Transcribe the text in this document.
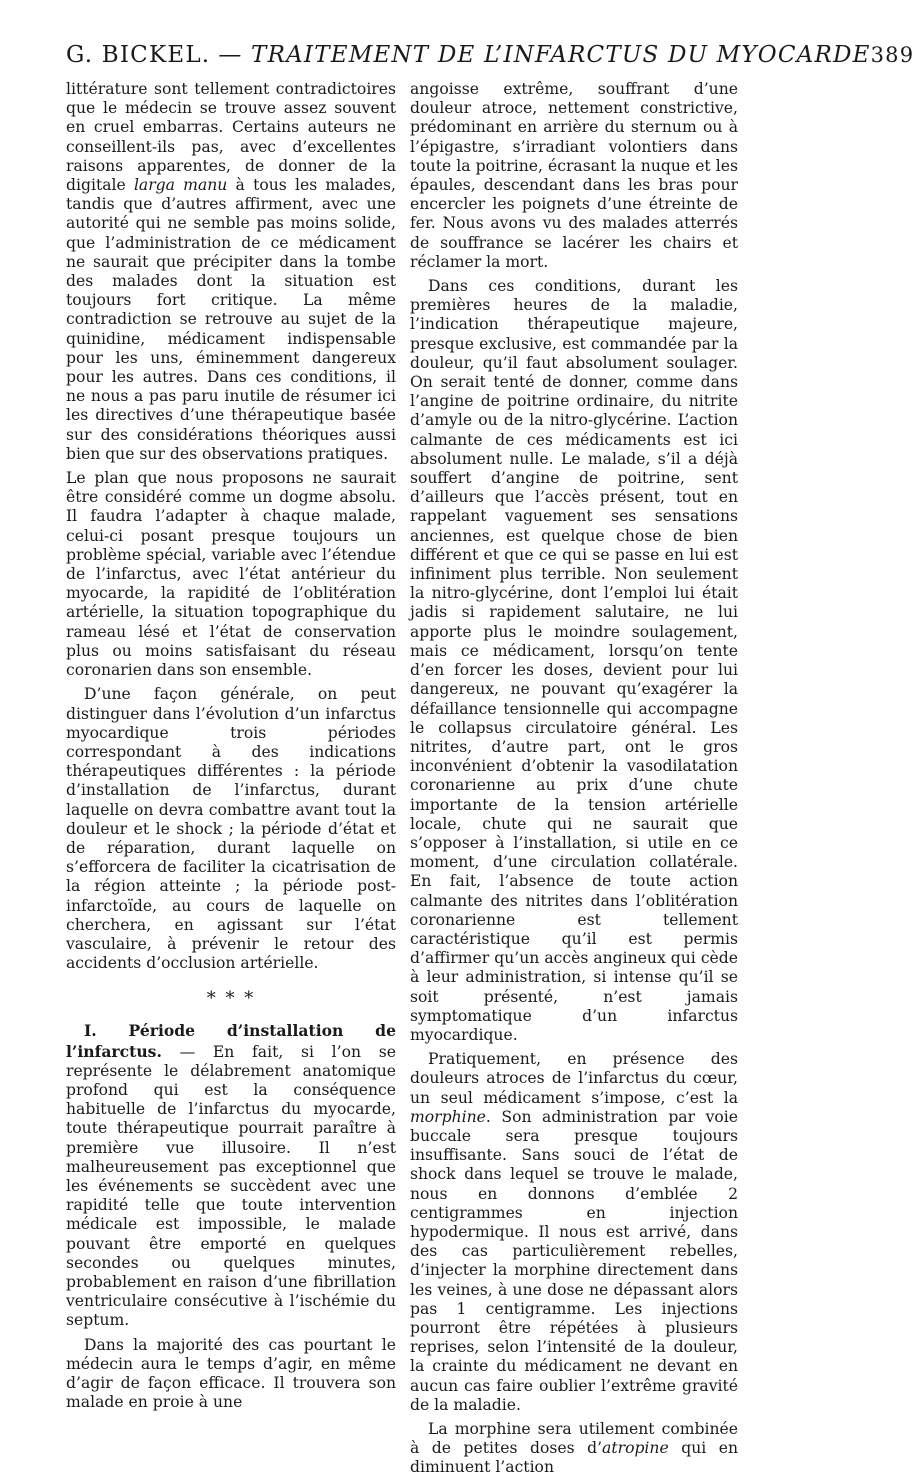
G. BICKEL. — TRAITEMENT DE L’INFARCTUS DU MYOCARDE 389

littérature sont tellement contradictoires que le médecin se trouve assez souvent en cruel embarras. Certains auteurs ne conseillent-ils pas, avec d’excellentes raisons apparentes, de donner de la digitale larga manu à tous les malades, tandis que d’autres affirment, avec une autorité qui ne semble pas moins solide, que l’administration de ce médicament ne saurait que précipiter dans la tombe des malades dont la situation est toujours fort critique. La même contradiction se retrouve au sujet de la quinidine, médicament indispensable pour les uns, éminemment dangereux pour les autres. Dans ces conditions, il ne nous a pas paru inutile de résumer ici les directives d’une thérapeutique basée sur des considérations théoriques aussi bien que sur des observations pratiques.

Le plan que nous proposons ne saurait être considéré comme un dogme absolu. Il faudra l’adapter à chaque malade, celui-ci posant presque toujours un problème spécial, variable avec l’étendue de l’infarctus, avec l’état antérieur du myocarde, la rapidité de l’oblitération artérielle, la situation topographique du rameau lésé et l’état de conservation plus ou moins satisfaisant du réseau coronarien dans son ensemble.

D’une façon générale, on peut distinguer dans l’évolution d’un infarctus myocardique trois périodes correspondant à des indications thérapeutiques différentes : la période d’installation de l’infarctus, durant laquelle on devra combattre avant tout la douleur et le shock ; la période d’état et de réparation, durant laquelle on s’efforcera de faciliter la cicatrisation de la région atteinte ; la période post-infarctoïde, au cours de laquelle on cherchera, en agissant sur l’état vasculaire, à prévenir le retour des accidents d’occlusion artérielle.

* * *

I. Période d’installation de l’infarctus. — En fait, si l’on se représente le délabrement anatomique profond qui est la conséquence habituelle de l’infarctus du myocarde, toute thérapeutique pourrait paraître à première vue illusoire. Il n’est malheureusement pas exceptionnel que les événements se succèdent avec une rapidité telle que toute intervention médicale est impossible, le malade pouvant être emporté en quelques secondes ou quelques minutes, probablement en raison d’une fibrillation ventriculaire consécutive à l’ischémie du septum.

Dans la majorité des cas pourtant le médecin aura le temps d’agir, en même d’agir de façon efficace. Il trouvera son malade en proie à une

angoisse extrême, souffrant d’une douleur atroce, nettement constrictive, prédominant en arrière du sternum ou à l’épigastre, s’irradiant volontiers dans toute la poitrine, écrasant la nuque et les épaules, descendant dans les bras pour encercler les poignets d’une étreinte de fer. Nous avons vu des malades atterrés de souffrance se lacérer les chairs et réclamer la mort.

Dans ces conditions, durant les premières heures de la maladie, l’indication thérapeutique majeure, presque exclusive, est commandée par la douleur, qu’il faut absolument soulager. On serait tenté de donner, comme dans l’angine de poitrine ordinaire, du nitrite d’amyle ou de la nitro-glycérine. L’action calmante de ces médicaments est ici absolument nulle. Le malade, s’il a déjà souffert d’angine de poitrine, sent d’ailleurs que l’accès présent, tout en rappelant vaguement ses sensations anciennes, est quelque chose de bien différent et que ce qui se passe en lui est infiniment plus terrible. Non seulement la nitro-glycérine, dont l’emploi lui était jadis si rapidement salutaire, ne lui apporte plus le moindre soulagement, mais ce médicament, lorsqu’on tente d’en forcer les doses, devient pour lui dangereux, ne pouvant qu’exagérer la défaillance tensionnelle qui accompagne le collapsus circulatoire général. Les nitrites, d’autre part, ont le gros inconvénient d’obtenir la vasodilatation coronarienne au prix d’une chute importante de la tension artérielle locale, chute qui ne saurait que s’opposer à l’installation, si utile en ce moment, d’une circulation collatérale. En fait, l’absence de toute action calmante des nitrites dans l’oblitération coronarienne est tellement caractéristique qu’il est permis d’affirmer qu’un accès angineux qui cède à leur administration, si intense qu’il se soit présenté, n’est jamais symptomatique d’un infarctus myocardique.

Pratiquement, en présence des douleurs atroces de l’infarctus du cœur, un seul médicament s’impose, c’est la morphine. Son administration par voie buccale sera presque toujours insuffisante. Sans souci de l’état de shock dans lequel se trouve le malade, nous en donnons d’emblée 2 centigrammes en injection hypodermique. Il nous est arrivé, dans des cas particulièrement rebelles, d’injecter la morphine directement dans les veines, à une dose ne dépassant alors pas 1 centigramme. Les injections pourront être répétées à plusieurs reprises, selon l’intensité de la douleur, la crainte du médicament ne devant en aucun cas faire oublier l’extrême gravité de la maladie.

La morphine sera utilement combinée à de petites doses d’atropine qui en diminuent l’action
